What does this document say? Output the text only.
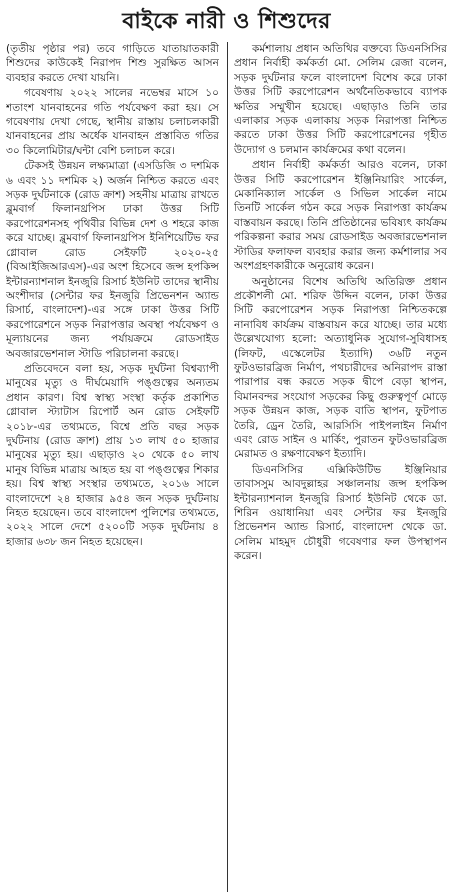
বাইকে নারী ও শিশুদের

(তৃতীয় পৃষ্ঠার পর) তবে গাড়িতে যাতায়াতকারী শিশুদের কাউকেই নিরাপদ শিশু সুরক্ষিত আসন ব্যবহার করতে দেখা যায়নি।

গবেষণায় ২০২২ সালের নভেম্বর মাসে ১০ শতাংশ যানবাহনের গতি পর্যবেক্ষণ করা হয়। সে গবেষণায় দেখা গেছে, স্থানীয় রাস্তায় চলাচলকারী যানবাহনের প্রায় অর্ধেক যানবাহন প্রস্তাবিত গতির ৩০ কিলোমিটার/ঘন্টা বেশি চলাচল করে।

টেকসই উন্নয়ন লক্ষ্যমাত্রা (এসডিজি ৩ দশমিক ৬ এবং ১১ দশমিক ২) অর্জন নিশ্চিত করতে এবং সড়ক দুর্ঘটনাকে (রোড ক্রাশ) সহনীয় মাত্রায় রাখতে ব্লুমবার্গ ফিলানথ্রপিস ঢাকা উত্তর সিটি করপোরেশনসহ পৃথিবীর বিভিন্ন দেশ ও শহরে কাজ করে যাচ্ছে। ব্লুমবার্গ ফিলানথ্রপিস ইনিশিয়েটিভ ফর গ্লোবাল রোড সেইফটি ২০২০-২৫ (বিআইজিআরএস)-এর অংশ হিসেবে জন্স হপকিন্স ইন্টারন্যাশনাল ইনজুরি রিসার্চ ইউনিট তাদের স্থানীয় অংশীদার (সেন্টার ফর ইনজুরি প্রিভেনশন অ্যান্ড রিসার্চ, বাংলাদেশ)-এর সঙ্গে ঢাকা উত্তর সিটি করপোরেশনে সড়ক নিরাপত্তার অবস্থা পর্যবেক্ষণ ও মূল্যায়নের জন্য পর্যায়ক্রমে রোডসাইড অবজারভেশনাল স্টাডি পরিচালনা করছে।

প্রতিবেদনে বলা হয়, সড়ক দুর্ঘটনা বিশ্বব্যাপী মানুষের মৃত্যু ও দীর্ঘমেয়াদি পঙ্গুত্বের অন্যতম প্রধান কারণ। বিশ্ব স্বাস্থ্য সংস্থা কর্তৃক প্রকাশিত গ্লোবাল স্ট্যাটাস রিপোর্ট অন রোড সেইফটি ২০১৮-এর তথ্যমতে, বিশ্বে প্রতি বছর সড়ক দুর্ঘটনায় (রোড ক্রাশ) প্রায় ১৩ লাখ ৫০ হাজার মানুষের মৃত্যু হয়। এছাড়াও ২০ থেকে ৫০ লাখ মানুষ বিভিন্ন মাত্রায় আহত হয় বা পঙ্গুত্বের শিকার হয়। বিশ্ব স্বাস্থ্য সংস্থার তথ্যমতে, ২০১৬ সালে বাংলাদেশে ২৪ হাজার ৯৫৪ জন সড়ক দুর্ঘটনায় নিহত হয়েছেন। তবে বাংলাদেশ পুলিশের তথ্যমতে, ২০২২ সালে দেশে ৫২০০টি সড়ক দুর্ঘটনায় ৪ হাজার ৬৩৮ জন নিহত হয়েছেন।

কর্মশালায় প্রধান অতিথির বক্তব্যে ডিএনসিসির প্রধান নির্বাহী কর্মকর্তা মো. সেলিম রেজা বলেন, সড়ক দুর্ঘটনার ফলে বাংলাদেশ বিশেষ করে ঢাকা উত্তর সিটি করপোরেশন অর্থনৈতিকভাবে ব্যাপক ক্ষতির সম্মুখীন হয়েছে। এছাড়াও তিনি তার এলাকার সড়ক এলাকায় সড়ক নিরাপত্তা নিশ্চিত করতে ঢাকা উত্তর সিটি করপোরেশনের গৃহীত উদ্যোগ ও চলমান কার্যক্রমের কথা বলেন।

প্রধান নির্বাহী কর্মকর্তা আরও বলেন, ঢাকা উত্তর সিটি করপোরেশন ইঞ্জিনিয়ারিং সার্কেল, মেকানিক্যাল সার্কেল ও সিভিল সার্কেল নামে তিনটি সার্কেল গঠন করে সড়ক নিরাপত্তা কার্যক্রম বাস্তবায়ন করছে। তিনি প্রতিষ্ঠানের ভবিষ্যৎ কার্যক্রম পরিকল্পনা করার সময় রোডসাইড অবজারভেশনাল স্টাডির ফলাফল ব্যবহার করার জন্য কর্মশালার সব অংশগ্রহণকারীকে অনুরোধ করেন।

অনুষ্ঠানের বিশেষ অতিথি অতিরিক্ত প্রধান প্রকৌশলী মো. শরিফ উদ্দিন বলেন, ঢাকা উত্তর সিটি করপোরেশন সড়ক নিরাপত্তা নিশ্চিতকল্পে নানাবিধ কার্যক্রম বাস্তবায়ন করে যাচ্ছে। তার মধ্যে উল্লেখযোগ্য হলো: অত্যাধুনিক সুযোগ-সুবিধাসহ (লিফট, এস্কেলেটর ইত্যাদি) ৩৬টি নতুন ফুটওভারব্রিজ নির্মাণ, পথচারীদের অনিরাপদ রাস্তা পারাপার বন্ধ করতে সড়ক দ্বীপে বেড়া স্থাপন, বিমানবন্দর সংযোগ সড়কের কিছু গুরুত্বপূর্ণ মোড়ে সড়ক উন্নয়ন কাজ, সড়ক বাতি স্থাপন, ফুটপাত তৈরি, ড্রেন তৈরি, আরসিসি পাইপলাইন নির্মাণ এবং রোড সাইন ও মার্কিং, পুরাতন ফুটওভারব্রিজ মেরামত ও রক্ষণাবেক্ষণ ইত্যাদি।

ডিএনসিসির এক্সিকিউটিভ ইঞ্জিনিয়ার তাবাসসুম আবদুল্লাহর সঞ্চালনায় জন্স হপকিন্স ইন্টারন্যাশনাল ইনজুরি রিসার্চ ইউনিট থেকে ডা. শিরিন ওয়াধানিয়া এবং সেন্টার ফর ইনজুরি প্রিভেনশন অ্যান্ড রিসার্চ, বাংলাদেশ থেকে ডা. সেলিম মাহমুদ চৌধুরী গবেষণার ফল উপস্থাপন করেন।
